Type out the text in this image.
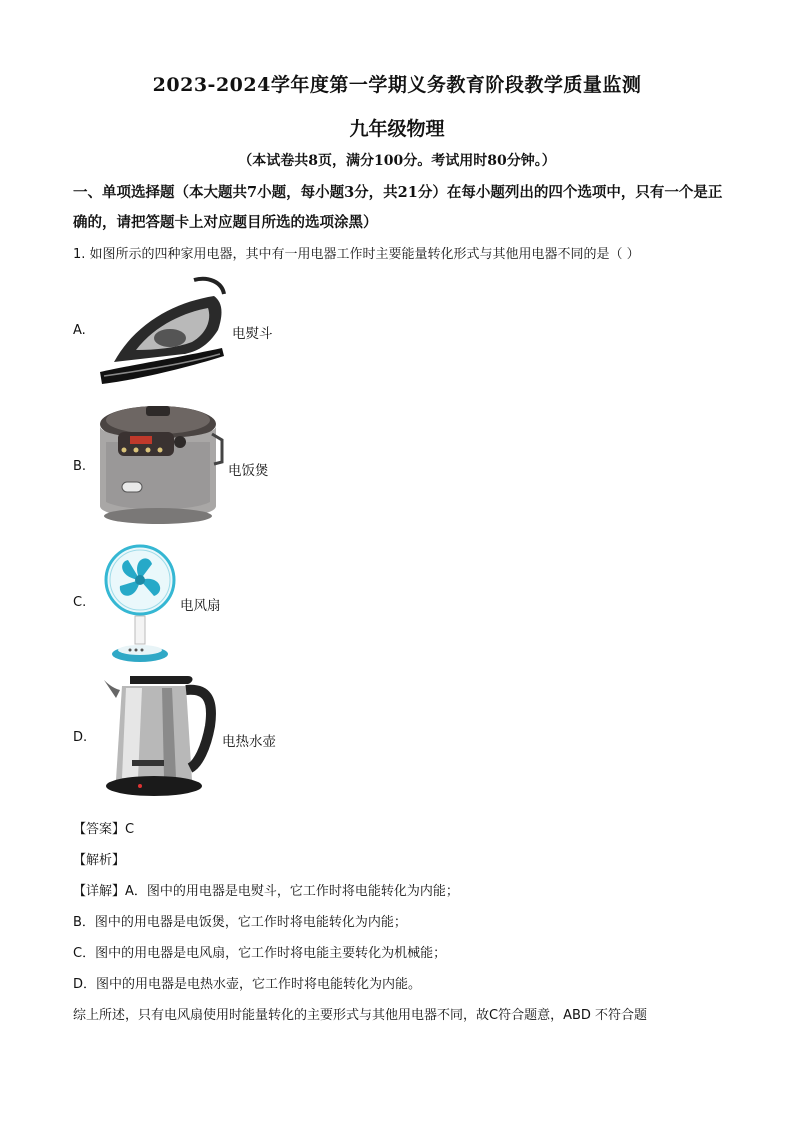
2023-2024学年度第一学期义务教育阶段教学质量监测
九年级物理
（本试卷共8页，满分100分。考试用时80分钟。）
一、单项选择题（本大题共7小题，每小题3分，共21分）在每小题列出的四个选项中，只有一个是正确的，请把答题卡上对应题目所选的选项涂黑）
1. 如图所示的四种家用电器，其中有一用电器工作时主要能量转化形式与其他用电器不同的是（ ）
A.	电熨斗
B.	电饭煲
C.	电风扇
D.	电热水壶
【答案】C
【解析】
【详解】A．图中的用电器是电熨斗，它工作时将电能转化为内能；
B．图中的用电器是电饭煲，它工作时将电能转化为内能；
C．图中的用电器是电风扇，它工作时将电能主要转化为机械能；
D．图中的用电器是电热水壶，它工作时将电能转化为内能。
综上所述，只有电风扇使用时能量转化的主要形式与其他用电器不同，故C符合题意，ABD 不符合题
